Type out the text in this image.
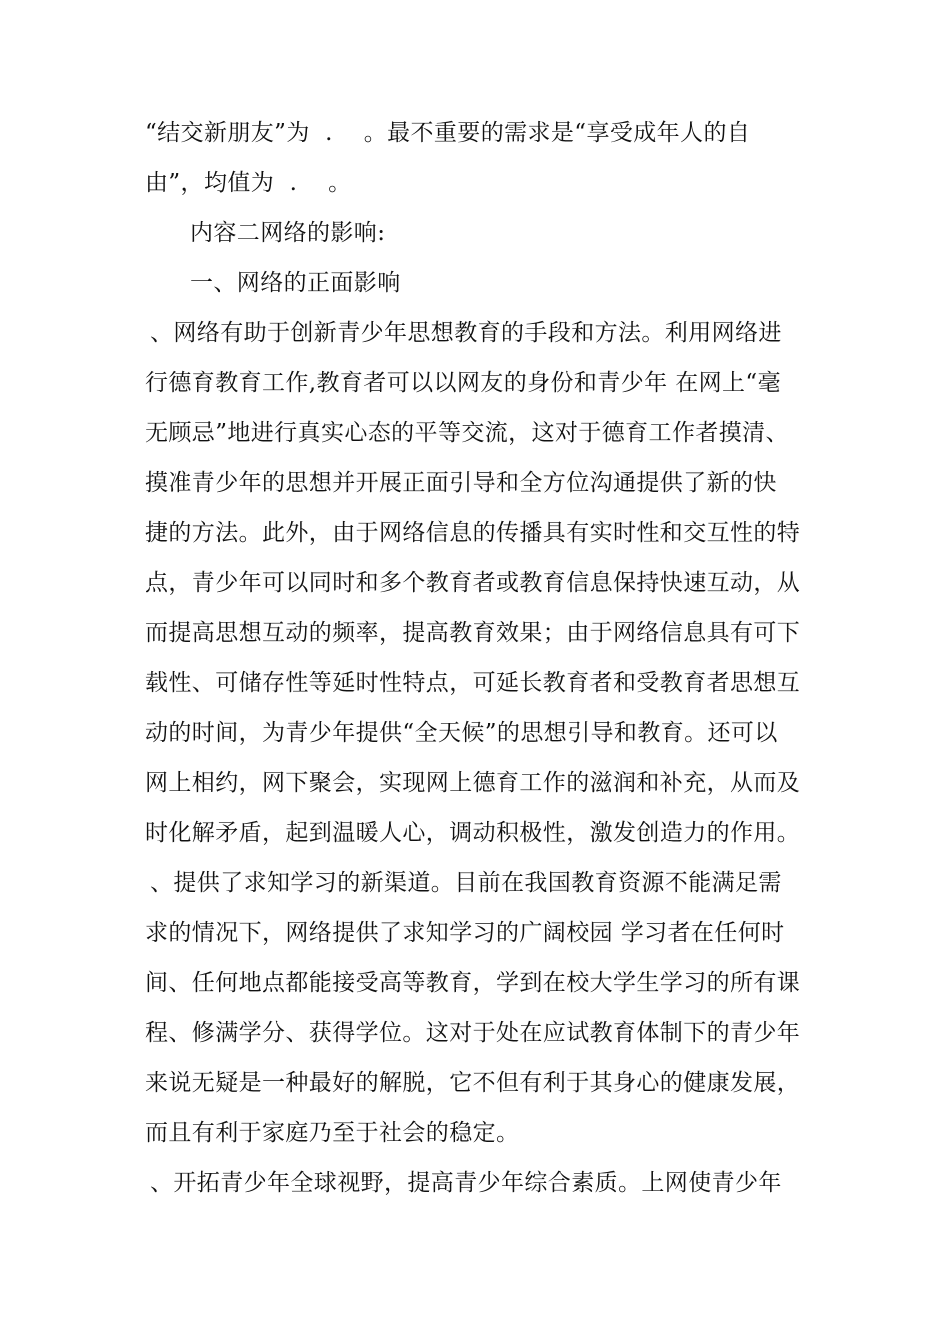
“结交新朋友”为  .    。最不重要的需求是“享受成年人的自
由”，均值为  .    。
内容二网络的影响:
一、网络的正面影响
、网络有助于创新青少年思想教育的手段和方法。利用网络进
行德育教育工作,教育者可以以网友的身份和青少年 在网上“毫
无顾忌”地进行真实心态的平等交流，这对于德育工作者摸清、
摸准青少年的思想并开展正面引导和全方位沟通提供了新的快
捷的方法。此外，由于网络信息的传播具有实时性和交互性的特
点，青少年可以同时和多个教育者或教育信息保持快速互动，从
而提高思想互动的频率，提高教育效果；由于网络信息具有可下
载性、可储存性等延时性特点，可延长教育者和受教育者思想互
动的时间，为青少年提供“全天候”的思想引导和教育。还可以
网上相约，网下聚会，实现网上德育工作的滋润和补充，从而及
时化解矛盾，起到温暖人心，调动积极性，激发创造力的作用。
、提供了求知学习的新渠道。目前在我国教育资源不能满足需
求的情况下，网络提供了求知学习的广阔校园 学习者在任何时
间、任何地点都能接受高等教育，学到在校大学生学习的所有课
程、修满学分、获得学位。这对于处在应试教育体制下的青少年
来说无疑是一种最好的解脱，它不但有利于其身心的健康发展，
而且有利于家庭乃至于社会的稳定。
、开拓青少年全球视野，提高青少年综合素质。上网使青少年
